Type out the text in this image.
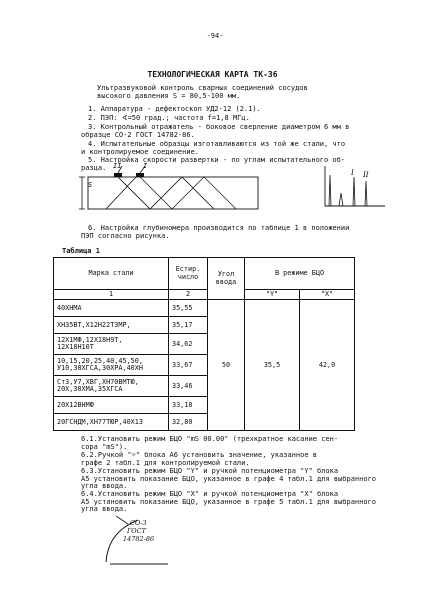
-94-
ТЕХНОЛОГИЧЕСКАЯ КАРТА ТК-36
Ультразвуковой контроль сварных соединений сосудов
высокого давления S = 80,5-100 мм.
1. Аппаратура - дефектоскоп УД2-12 (2.1).
2. ПЭП: ∢=50 град.; частота f=1,8 МГц.
3. Контрольный отражатель - боковое сверление диаметром 6 мм в
образце СО-2 ГОСТ 14782-86.
4. Испытательные образцы изготавливаются из той же стали, что
и контролируемое соединение.
5. Настройка скорости развертки - по углам испытательного об-
разца.
S
II	I
I II
6. Настройка глубиномера производится по таблице 1 в положении
ПЭП согласно рисунка.
Таблица 1
Марка стали	Естир.
число	Угол
ввода	В режиме БЦО	
1	2		"Y"	"X"
40ХНМА	35,55	50	35,5	42,0
ХН35ВТ,Х12Н22Т3МР,	35,17			
12Х1МФ,12Х18Н9Т,
12Х18Н10Т	34,62			
10,15,20,25,40,45,50,
У10,30ХГСА,30ХРА,40ХН	33,67			
Ст3,У7,ХВГ,ХН70ВМТЮ,
20Х,30ХМА,35ХГСА	33,46			
20Х12ВНМФ	33,18			
20ГСНДМ,ХН77ТЮР,40Х13	32,80			
6.1.Установить режим БЦО "mS 00.00" (трехкратное касание сен-
сора "mS").
6.2.Ручкой "☼" блока А6 установить значение, указанное в
графе 2 табл.1 для контролируемой стали.
6.3.Установить режим БЦО "Y" и ручкой потенциометра "Y" блока
А5 установить показание БЦО, указанное в графе 4 табл.1 для выбранного
угла ввода.
6.4.Установить режим БЦО "X" и ручкой потенциометра "X" блока
А5 установить показание БЦО, указанное в графе 5 табл.1 для выбранного
угла ввода.
СО-3
ГОСТ
14782-86
